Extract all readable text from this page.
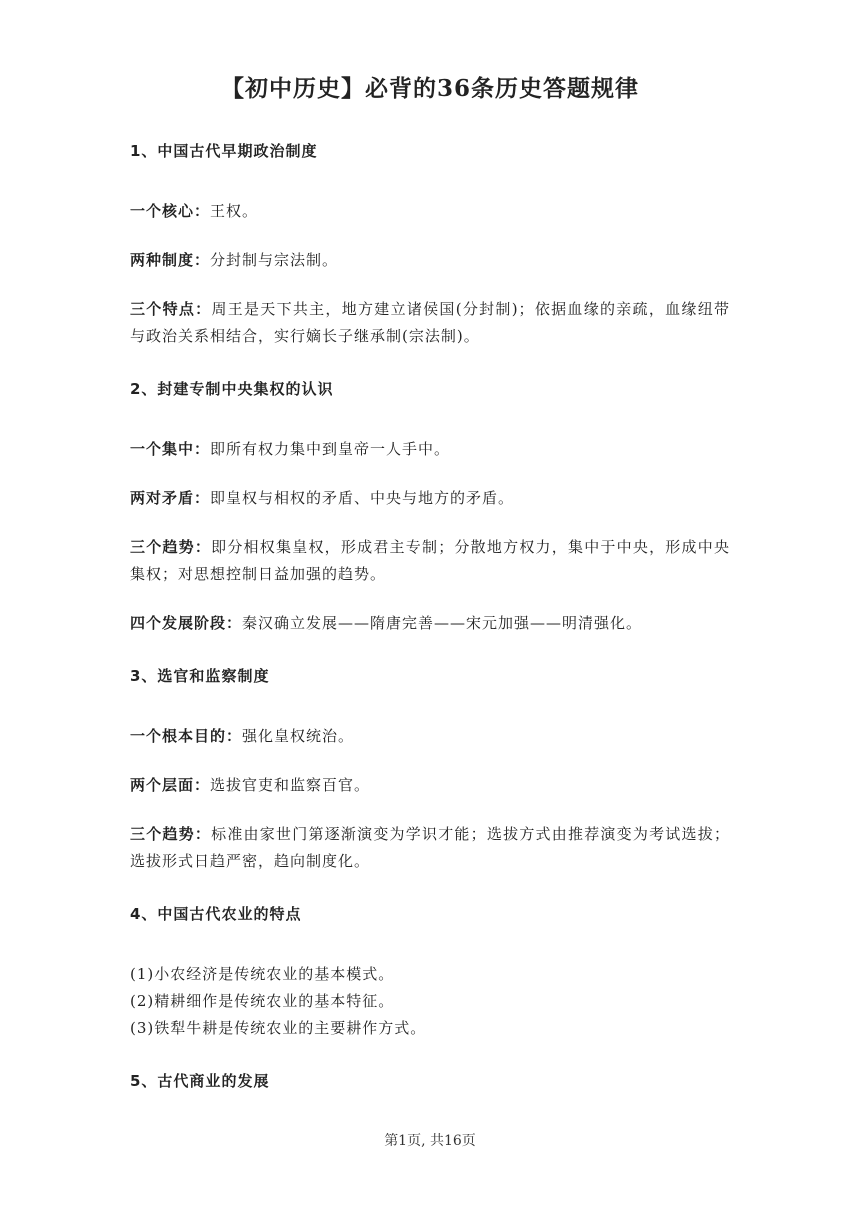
【初中历史】必背的36条历史答题规律

1、中国古代早期政治制度

一个核心：王权。

两种制度：分封制与宗法制。

三个特点：周王是天下共主，地方建立诸侯国(分封制)；依据血缘的亲疏，血缘纽带与政治关系相结合，实行嫡长子继承制(宗法制)。

2、封建专制中央集权的认识

一个集中：即所有权力集中到皇帝一人手中。

两对矛盾：即皇权与相权的矛盾、中央与地方的矛盾。

三个趋势：即分相权集皇权，形成君主专制；分散地方权力，集中于中央，形成中央集权；对思想控制日益加强的趋势。

四个发展阶段：秦汉确立发展——隋唐完善——宋元加强——明清强化。

3、选官和监察制度

一个根本目的：强化皇权统治。

两个层面：选拔官吏和监察百官。

三个趋势：标准由家世门第逐渐演变为学识才能；选拔方式由推荐演变为考试选拔；选拔形式日趋严密，趋向制度化。

4、中国古代农业的特点

(1)小农经济是传统农业的基本模式。

(2)精耕细作是传统农业的基本特征。

(3)铁犁牛耕是传统农业的主要耕作方式。

5、古代商业的发展

第1页, 共16页
